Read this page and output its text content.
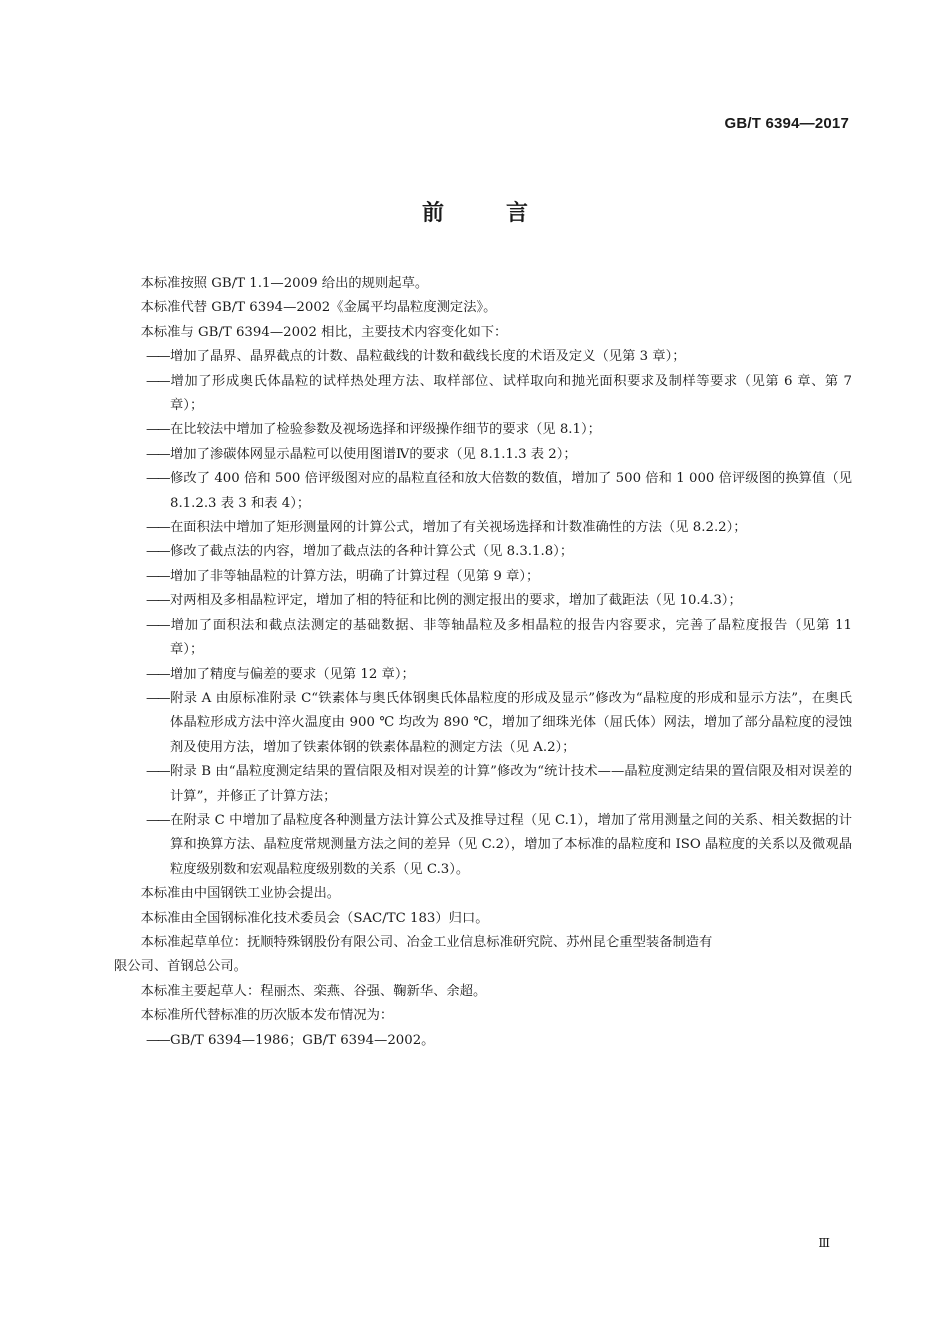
GB/T 6394—2017
前言

本标准按照 GB/T 1.1—2009 给出的规则起草。

本标准代替 GB/T 6394—2002《金属平均晶粒度测定法》。

本标准与 GB/T 6394—2002 相比，主要技术内容变化如下：

——增加了晶界、晶界截点的计数、晶粒截线的计数和截线长度的术语及定义（见第 3 章）；

——增加了形成奥氏体晶粒的试样热处理方法、取样部位、试样取向和抛光面积要求及制样等要求（见第 6 章、第 7 章）；

——在比较法中增加了检验参数及视场选择和评级操作细节的要求（见 8.1）；

——增加了渗碳体网显示晶粒可以使用图谱Ⅳ的要求（见 8.1.1.3 表 2）；

——修改了 400 倍和 500 倍评级图对应的晶粒直径和放大倍数的数值，增加了 500 倍和 1 000 倍评级图的换算值（见 8.1.2.3 表 3 和表 4）；

——在面积法中增加了矩形测量网的计算公式，增加了有关视场选择和计数准确性的方法（见 8.2.2）；

——修改了截点法的内容，增加了截点法的各种计算公式（见 8.3.1.8）；

——增加了非等轴晶粒的计算方法，明确了计算过程（见第 9 章）；

——对两相及多相晶粒评定，增加了相的特征和比例的测定报出的要求，增加了截距法（见 10.4.3）；

——增加了面积法和截点法测定的基础数据、非等轴晶粒及多相晶粒的报告内容要求，完善了晶粒度报告（见第 11 章）；

——增加了精度与偏差的要求（见第 12 章）；

——附录 A 由原标准附录 C“铁素体与奥氏体钢奥氏体晶粒度的形成及显示”修改为“晶粒度的形成和显示方法”，在奥氏体晶粒形成方法中淬火温度由 900 ℃ 均改为 890 ℃，增加了细珠光体（屈氏体）网法，增加了部分晶粒度的浸蚀剂及使用方法，增加了铁素体钢的铁素体晶粒的测定方法（见 A.2）；

——附录 B 由“晶粒度测定结果的置信限及相对误差的计算”修改为“统计技术——晶粒度测定结果的置信限及相对误差的计算”，并修正了计算方法；

——在附录 C 中增加了晶粒度各种测量方法计算公式及推导过程（见 C.1），增加了常用测量之间的关系、相关数据的计算和换算方法、晶粒度常规测量方法之间的差异（见 C.2），增加了本标准的晶粒度和 ISO 晶粒度的关系以及微观晶粒度级别数和宏观晶粒度级别数的关系（见 C.3）。

本标准由中国钢铁工业协会提出。

本标准由全国钢标准化技术委员会（SAC/TC 183）归口。

本标准起草单位：抚顺特殊钢股份有限公司、冶金工业信息标准研究院、苏州昆仑重型装备制造有

限公司、首钢总公司。

本标准主要起草人：程丽杰、栾燕、谷强、鞠新华、余超。

本标准所代替标准的历次版本发布情况为：

——GB/T 6394—1986；GB/T 6394—2002。

Ⅲ
